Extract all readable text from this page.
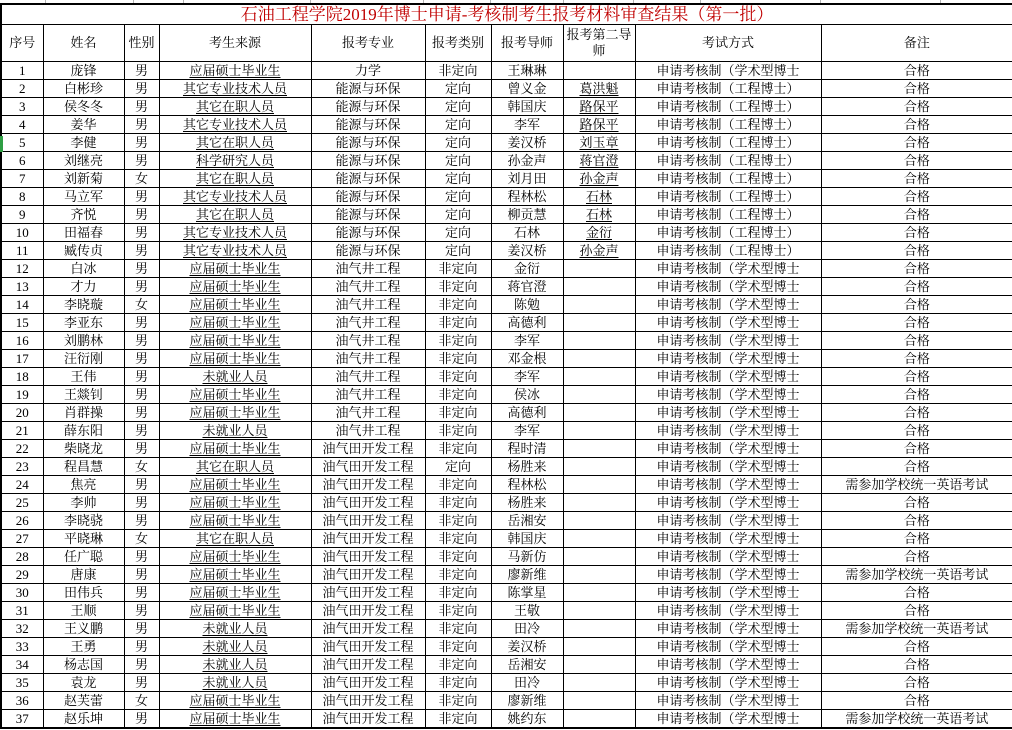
石油工程学院2019年博士申请-考核制考生报考材料审查结果（第一批）									
序号	姓名	性别	考生来源	报考专业	报考类别	报考导师	报考第二导师	考试方式	备注
1	庞锋	男	应届硕士毕业生	力学	非定向	王琳琳		申请考核制（学术型博士	合格
2	白彬珍	男	其它专业技术人员	能源与环保	定向	曾义金	葛洪魁	申请考核制（工程博士）	合格
3	侯冬冬	男	其它在职人员	能源与环保	定向	韩国庆	路保平	申请考核制（工程博士）	合格
4	姜华	男	其它专业技术人员	能源与环保	定向	李军	路保平	申请考核制（工程博士）	合格
5	李健	男	其它在职人员	能源与环保	定向	姜汉桥	刘玉章	申请考核制（工程博士）	合格
6	刘继亮	男	科学研究人员	能源与环保	定向	孙金声	蒋官澄	申请考核制（工程博士）	合格
7	刘新菊	女	其它在职人员	能源与环保	定向	刘月田	孙金声	申请考核制（工程博士）	合格
8	马立军	男	其它专业技术人员	能源与环保	定向	程林松	石林	申请考核制（工程博士）	合格
9	齐悦	男	其它在职人员	能源与环保	定向	柳贡慧	石林	申请考核制（工程博士）	合格
10	田福春	男	其它专业技术人员	能源与环保	定向	石林	金衍	申请考核制（工程博士）	合格
11	臧传贞	男	其它专业技术人员	能源与环保	定向	姜汉桥	孙金声	申请考核制（工程博士）	合格
12	白冰	男	应届硕士毕业生	油气井工程	非定向	金衍		申请考核制（学术型博士	合格
13	才力	男	应届硕士毕业生	油气井工程	非定向	蒋官澄		申请考核制（学术型博士	合格
14	李晓璇	女	应届硕士毕业生	油气井工程	非定向	陈勉		申请考核制（学术型博士	合格
15	李亚东	男	应届硕士毕业生	油气井工程	非定向	高德利		申请考核制（学术型博士	合格
16	刘鹏林	男	应届硕士毕业生	油气井工程	非定向	李军		申请考核制（学术型博士	合格
17	汪衍刚	男	应届硕士毕业生	油气井工程	非定向	邓金根		申请考核制（学术型博士	合格
18	王伟	男	未就业人员	油气井工程	非定向	李军		申请考核制（学术型博士	合格
19	王燚钊	男	应届硕士毕业生	油气井工程	非定向	侯冰		申请考核制（学术型博士	合格
20	肖群操	男	应届硕士毕业生	油气井工程	非定向	高德利		申请考核制（学术型博士	合格
21	薛东阳	男	未就业人员	油气井工程	非定向	李军		申请考核制（学术型博士	合格
22	柴晓龙	男	应届硕士毕业生	油气田开发工程	非定向	程时清		申请考核制（学术型博士	合格
23	程昌慧	女	其它在职人员	油气田开发工程	定向	杨胜来		申请考核制（学术型博士	合格
24	焦亮	男	应届硕士毕业生	油气田开发工程	非定向	程林松		申请考核制（学术型博士	需参加学校统一英语考试
25	李帅	男	应届硕士毕业生	油气田开发工程	非定向	杨胜来		申请考核制（学术型博士	合格
26	李晓骁	男	应届硕士毕业生	油气田开发工程	非定向	岳湘安		申请考核制（学术型博士	合格
27	平晓琳	女	其它在职人员	油气田开发工程	非定向	韩国庆		申请考核制（学术型博士	合格
28	任广聪	男	应届硕士毕业生	油气田开发工程	非定向	马新仿		申请考核制（学术型博士	合格
29	唐康	男	应届硕士毕业生	油气田开发工程	非定向	廖新维		申请考核制（学术型博士	需参加学校统一英语考试
30	田伟兵	男	应届硕士毕业生	油气田开发工程	非定向	陈掌星		申请考核制（学术型博士	合格
31	王顺	男	应届硕士毕业生	油气田开发工程	非定向	王敬		申请考核制（学术型博士	合格
32	王义鹏	男	未就业人员	油气田开发工程	非定向	田冷		申请考核制（学术型博士	需参加学校统一英语考试
33	王勇	男	未就业人员	油气田开发工程	非定向	姜汉桥		申请考核制（学术型博士	合格
34	杨志国	男	未就业人员	油气田开发工程	非定向	岳湘安		申请考核制（学术型博士	合格
35	袁龙	男	未就业人员	油气田开发工程	非定向	田冷		申请考核制（学术型博士	合格
36	赵芙蕾	女	应届硕士毕业生	油气田开发工程	非定向	廖新维		申请考核制（学术型博士	合格
37	赵乐坤	男	应届硕士毕业生	油气田开发工程	非定向	姚约东		申请考核制（学术型博士	需参加学校统一英语考试
